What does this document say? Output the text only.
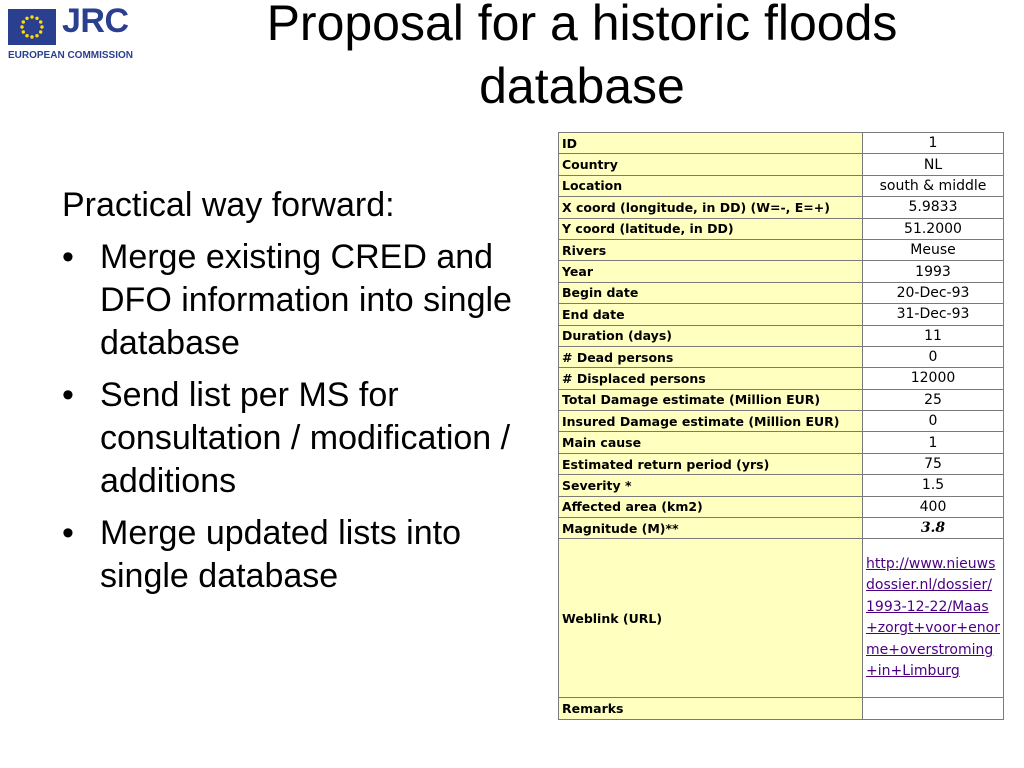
JRC
EUROPEAN COMMISSION
Proposal for a historic floods
database

Practical way forward:

• Merge existing CRED and DFO information into single database
• Send list per MS for consultation / modification / additions
• Merge updated lists into single database
ID	1
Country	NL
Location	south & middle
X coord (longitude, in DD) (W=-, E=+)	5.9833
Y coord (latitude, in DD)	51.2000
Rivers	Meuse
Year	1993
Begin date	20-Dec-93
End date	31-Dec-93
Duration (days)	11
# Dead persons	0
# Displaced persons	12000
Total Damage estimate (Million EUR)	25
Insured Damage estimate (Million EUR)	0
Main cause	1
Estimated return period (yrs)	75
Severity *	1.5
Affected area (km2)	400
Magnitude (M)**	3.8
Weblink (URL)	http://www.nieuwsdossier.nl/dossier/1993-12-22/Maas+zorgt+voor+enorme+overstroming+in+Limburg
Remarks	
